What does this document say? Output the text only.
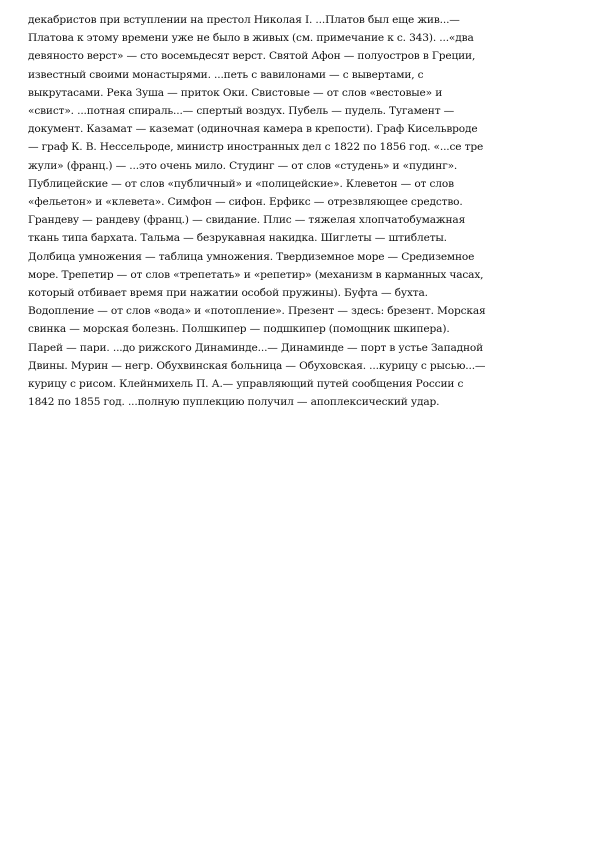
декабристов при вступлении на престол Николая I. ...Платов был еще жив...—
Платова к этому времени уже не было в живых (см. примечание к с. 343). ...«два
девяносто верст» — сто восемьдесят верст. Святой Афон — полуостров в Греции,
известный своими монастырями. ...петь с вавилонами — с вывертами, с
выкрутасами. Река Зуша — приток Оки. Свистовые — от слов «вестовые» и
«свист». ...потная спираль...— спертый воздух. Пубель — пудель. Тугамент —
документ. Казамат — каземат (одиночная камера в крепости). Граф Кисельвроде
— граф К. В. Нессельроде, министр иностранных дел с 1822 по 1856 год. «...се тре
жули» (франц.) — ...это очень мило. Студинг — от слов «студень» и «пудинг».
Публицейские — от слов «публичный» и «полицейские». Клеветон — от слов
«фельетон» и «клевета». Симфон — сифон. Ерфикс — отрезвляющее средство.
Грандеву — рандеву (франц.) — свидание. Плис — тяжелая хлопчатобумажная
ткань типа бархата. Тальма — безрукавная накидка. Шиглеты — штиблеты.
Долбица умножения — таблица умножения. Твердиземное море — Средиземное
море. Трепетир — от слов «трепетать» и «репетир» (механизм в карманных часах,
который отбивает время при нажатии особой пружины). Буфта — бухта.
Водопление — от слов «вода» и «потопление». Презент — здесь: брезент. Морская
свинка — морская болезнь. Полшкипер — подшкипер (помощник шкипера).
Парей — пари. ...до рижского Динаминде...— Динаминде — порт в устье Западной
Двины. Мурин — негр. Обухвинская больница — Обуховская. ...курицу с рысью...—
курицу с рисом. Клейнмихель П. А.— управляющий путей сообщения России с
1842 по 1855 год. ...полную пуплекцию получил — апоплексический удар.
